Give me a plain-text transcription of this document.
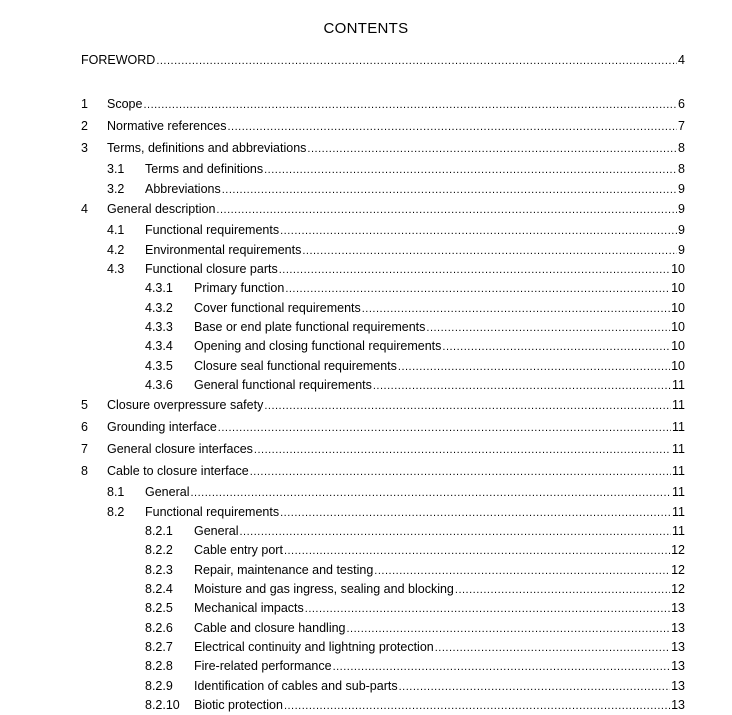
CONTENTS
FOREWORD .....	4
1	Scope .....	6
2	Normative references .....	7
3	Terms, definitions and abbreviations .....	8
3.1	Terms and definitions .....	8
3.2	Abbreviations .....	9
4	General description .....	9
4.1	Functional requirements .....	9
4.2	Environmental requirements .....	9
4.3	Functional closure parts .....	10
4.3.1	Primary function .....	10
4.3.2	Cover functional requirements .....	10
4.3.3	Base or end plate functional requirements .....	10
4.3.4	Opening and closing functional requirements .....	10
4.3.5	Closure seal functional requirements .....	10
4.3.6	General functional requirements .....	11
5	Closure overpressure safety .....	11
6	Grounding interface .....	11
7	General closure interfaces .....	11
8	Cable to closure interface .....	11
8.1	General .....	11
8.2	Functional requirements .....	11
8.2.1	General .....	11
8.2.2	Cable entry port .....	12
8.2.3	Repair, maintenance and testing .....	12
8.2.4	Moisture and gas ingress, sealing and blocking .....	12
8.2.5	Mechanical impacts .....	13
8.2.6	Cable and closure handling .....	13
8.2.7	Electrical continuity and lightning protection .....	13
8.2.8	Fire-related performance .....	13
8.2.9	Identification of cables and sub-parts .....	13
8.2.10	Biotic protection .....	13
